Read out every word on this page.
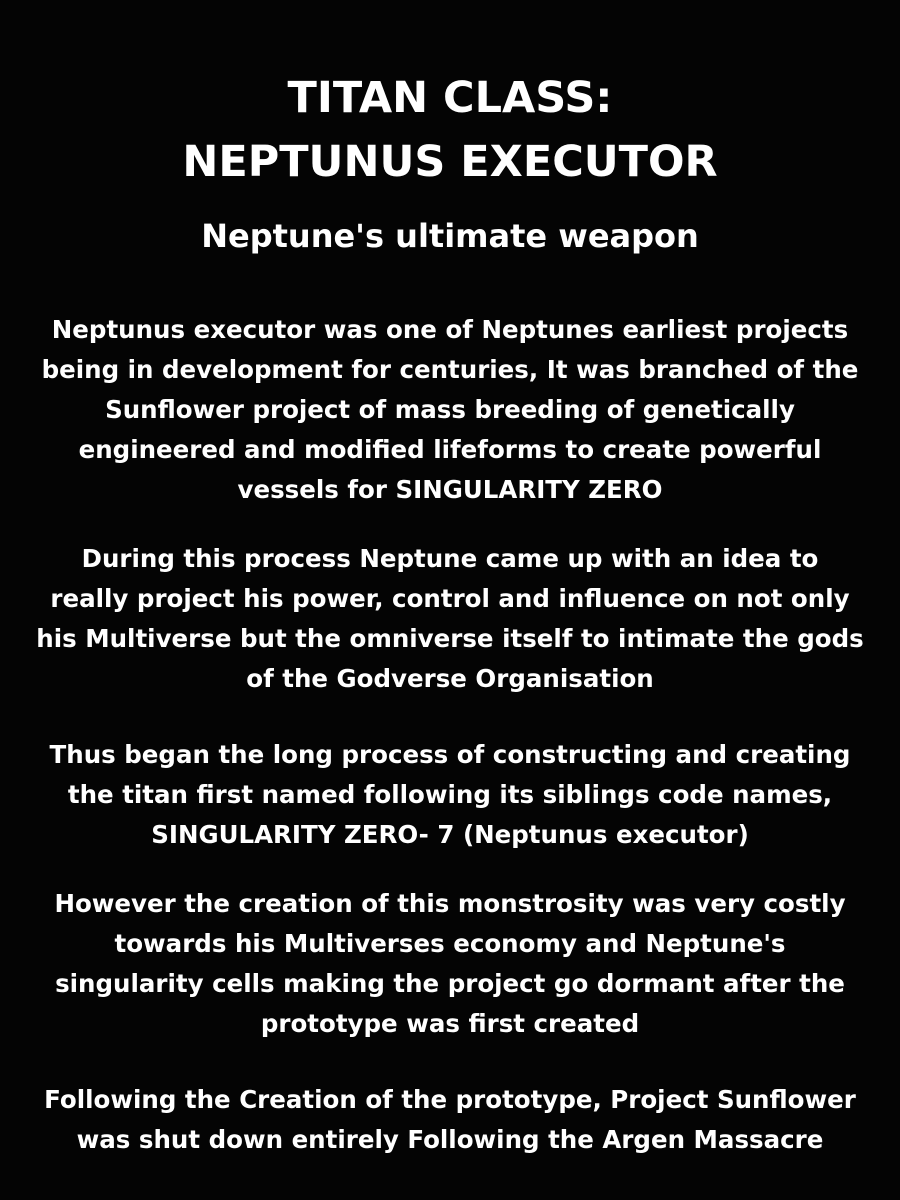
TITAN CLASS:
NEPTUNUS EXECUTOR
Neptune's ultimate weapon

Neptunus executor was one of Neptunes earliest projects
being in development for centuries, It was branched of the
Sunflower project of mass breeding of genetically
engineered and modified lifeforms to create powerful
vessels for SINGULARITY ZERO

During this process Neptune came up with an idea to
really project his power, control and influence on not only
his Multiverse but the omniverse itself to intimate the gods
of the Godverse Organisation

Thus began the long process of constructing and creating
the titan first named following its siblings code names,
SINGULARITY ZERO- 7 (Neptunus executor)

However the creation of this monstrosity was very costly
towards his Multiverses economy and Neptune's
singularity cells making the project go dormant after the
prototype was first created

Following the Creation of the prototype, Project Sunflower
was shut down entirely Following the Argen Massacre
